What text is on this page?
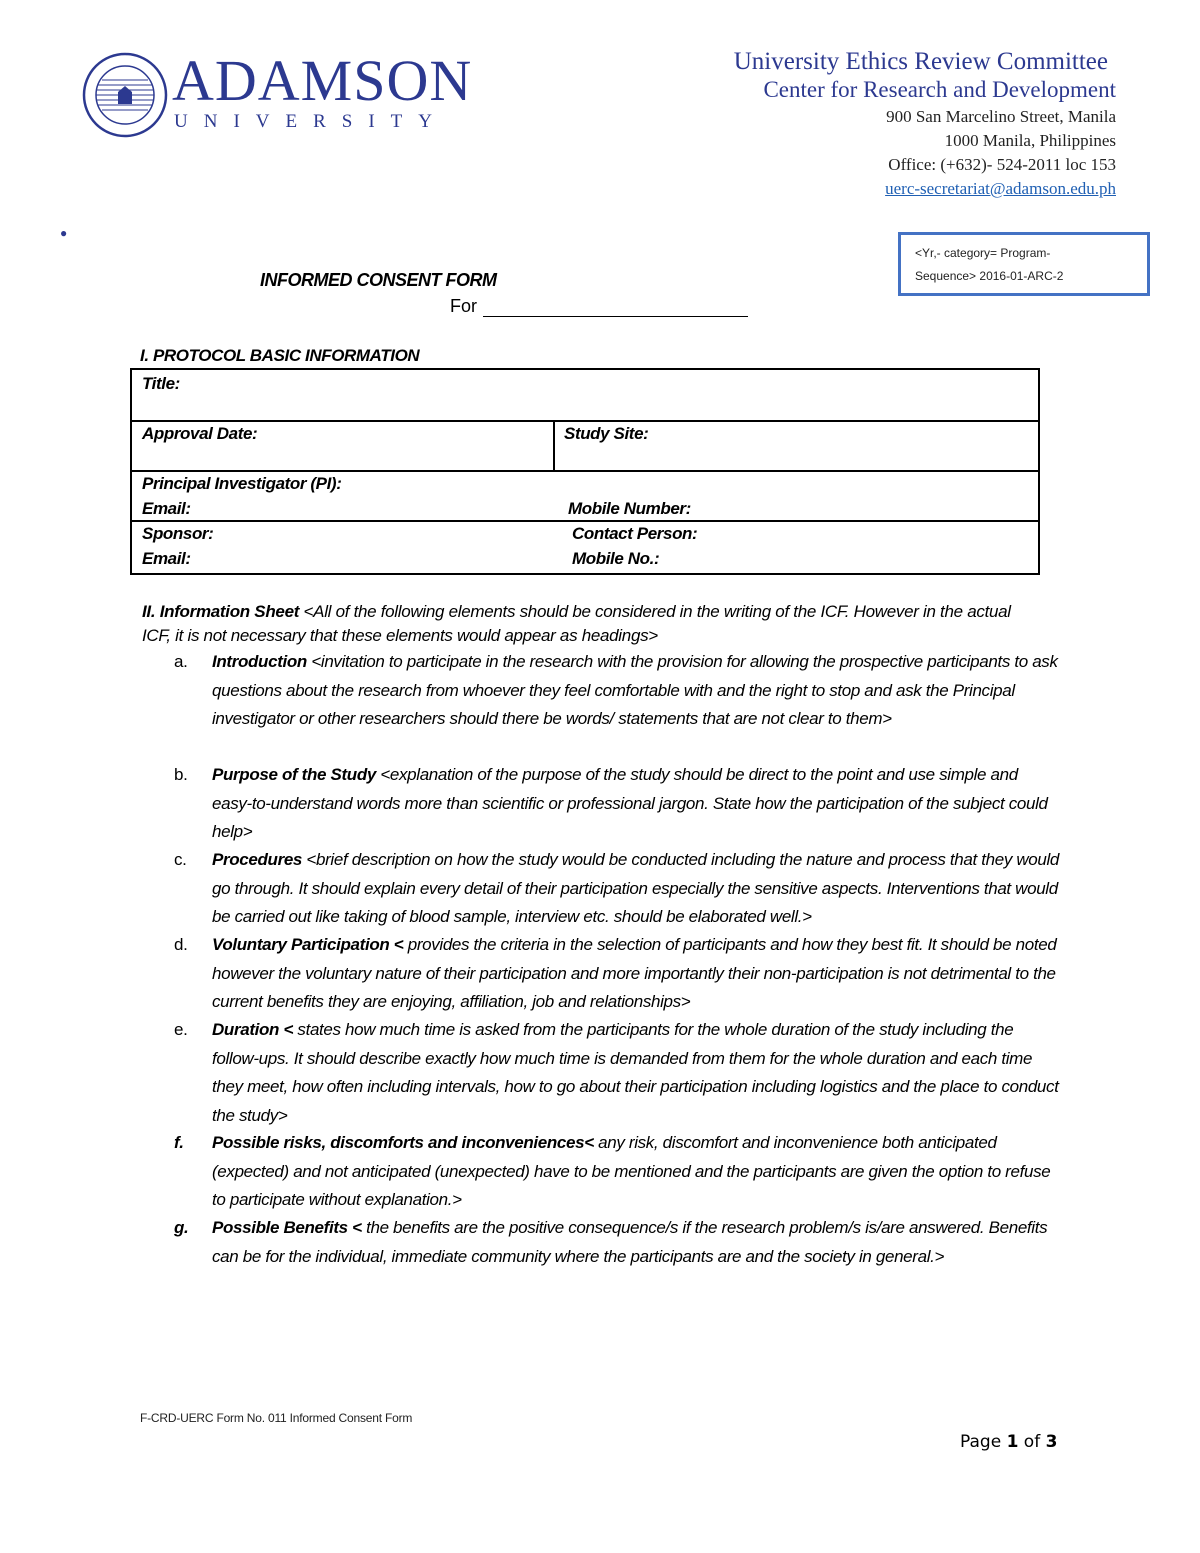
ADAMSON
UNIVERSITY
University Ethics Review Committee
Center for Research and Development
900 San Marcelino Street, Manila
1000 Manila, Philippines
Office: (+632)- 524-2011 loc 153
uerc-secretariat@adamson.edu.ph
●
<Yr,- category= Program-
Sequence> 2016-01-ARC-2
INFORMED CONSENT FORM
For
I. PROTOCOL BASIC INFORMATION
Title:
Approval Date:	Study Site:
Principal Investigator (PI):
Email:	Mobile Number:
Sponsor:	Contact Person:
Email:	Mobile No.:
II. Information Sheet <All of the following elements should be considered in the writing of the ICF. However in the actual ICF, it is not necessary that these elements would appear as headings>
a. Introduction <invitation to participate in the research with the provision for allowing the prospective participants to ask questions about the research from whoever they feel comfortable with and the right to stop and ask the Principal investigator or other researchers should there be words/ statements that are not clear to them>
b. Purpose of the Study <explanation of the purpose of the study should be direct to the point and use simple and easy-to-understand words more than scientific or professional jargon. State how the participation of the subject could help>
c. Procedures <brief description on how the study would be conducted including the nature and process that they would go through. It should explain every detail of their participation especially the sensitive aspects. Interventions that would be carried out like taking of blood sample, interview etc. should be elaborated well.>
d. Voluntary Participation < provides the criteria in the selection of participants and how they best fit. It should be noted however the voluntary nature of their participation and more importantly their non-participation is not detrimental to the current benefits they are enjoying, affiliation, job and relationships>
e. Duration < states how much time is asked from the participants for the whole duration of the study including the follow-ups. It should describe exactly how much time is demanded from them for the whole duration and each time they meet, how often including intervals, how to go about their participation including logistics and the place to conduct the study>
f. Possible risks, discomforts and inconveniences< any risk, discomfort and inconvenience both anticipated (expected) and not anticipated (unexpected) have to be mentioned and the participants are given the option to refuse to participate without explanation.>
g. Possible Benefits < the benefits are the positive consequence/s if the research problem/s is/are answered. Benefits can be for the individual, immediate community where the participants are and the society in general.>
F-CRD-UERC Form No. 011 Informed Consent Form
Page 1 of 3
